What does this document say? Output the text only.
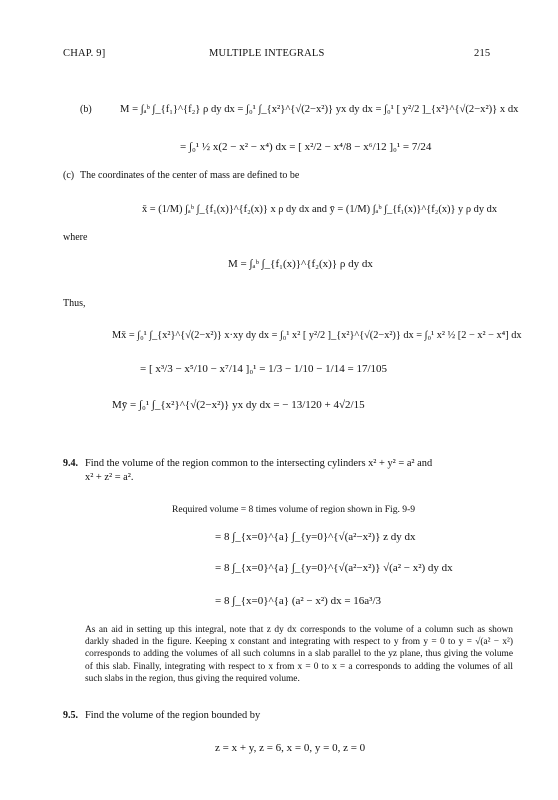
CHAP. 9]	MULTIPLE INTEGRALS	215
(b)	M = ∫ₐᵇ ∫_{f₁}^{f₂} ρ dy dx = ∫₀¹ ∫_{x²}^{√(2−x²)} yx dy dx = ∫₀¹ [ y²/2 ]_{x²}^{√(2−x²)} x dx
= ∫₀¹ ½ x(2 − x² − x⁴) dx = [ x²/2 − x⁴/8 − x⁶/12 ]₀¹ = 7/24
(c) The coordinates of the center of mass are defined to be
x̄ = (1/M) ∫ₐᵇ ∫_{f₁(x)}^{f₂(x)} x ρ dy dx and ȳ = (1/M) ∫ₐᵇ ∫_{f₁(x)}^{f₂(x)} y ρ dy dx
where
M = ∫ₐᵇ ∫_{f₁(x)}^{f₂(x)} ρ dy dx
Thus,
Mx̄ = ∫₀¹ ∫_{x²}^{√(2−x²)} x·xy dy dx = ∫₀¹ x² [ y²/2 ]_{x²}^{√(2−x²)} dx = ∫₀¹ x² ½ [2 − x² − x⁴] dx
= [ x³/3 − x⁵/10 − x⁷/14 ]₀¹ = 1/3 − 1/10 − 1/14 = 17/105
Mȳ = ∫₀¹ ∫_{x²}^{√(2−x²)} yx dy dx = − 13/120 + 4√2/15
9.4. Find the volume of the region common to the intersecting cylinders x² + y² = a² and
x² + z² = a².
Required volume = 8 times volume of region shown in Fig. 9-9
= 8 ∫_{x=0}^{a} ∫_{y=0}^{√(a²−x²)} z dy dx
= 8 ∫_{x=0}^{a} ∫_{y=0}^{√(a²−x²)} √(a² − x²) dy dx
= 8 ∫_{x=0}^{a} (a² − x²) dx = 16a³/3
As an aid in setting up this integral, note that z dy dx corresponds to the volume of a column such as shown darkly shaded in the figure. Keeping x constant and integrating with respect to y from y = 0 to y = √(a² − x²) corresponds to adding the volumes of all such columns in a slab parallel to the yz plane, thus giving the volume of this slab. Finally, integrating with respect to x from x = 0 to x = a corresponds to adding the volumes of all such slabs in the region, thus giving the required volume.
9.5. Find the volume of the region bounded by
z = x + y, z = 6, x = 0, y = 0, z = 0
